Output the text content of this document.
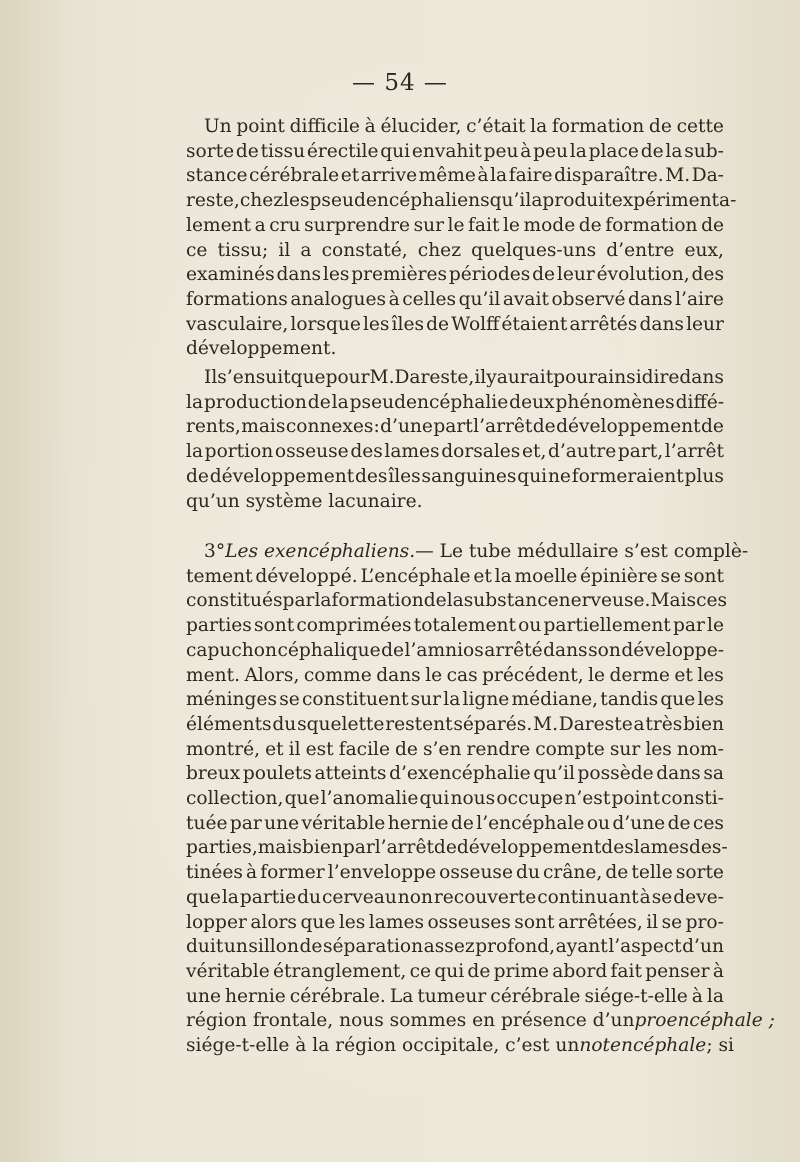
— 54 —
Un point difficile à élucider, c’était la formation de cette
sorte de tissu érectile qui envahit peu à peu la place de la sub-
stance cérébrale et arrive même à la faire disparaître. M. Da-
reste, chez les pseudencéphaliens qu’il a produit expérimenta-
lement a cru surprendre sur le fait le mode de formation de
ce tissu; il a constaté, chez quelques-uns d’entre eux,
examinés dans les premières périodes de leur évolution, des
formations analogues à celles qu’il avait observé dans l’aire
vasculaire, lorsque les îles de Wolff étaient arrêtés dans leur
développement.
Il s’ensuit que pour M. Dareste, il y aurait pour ainsi dire dans
la production de la pseudencéphalie deux phénomènes diffé-
rents, mais connexes: d’une part l’arrêt de développement de
la portion osseuse des lames dorsales et, d’autre part, l’arrêt
de développement des îles sanguines qui ne formeraient plus
qu’un système lacunaire.
3° Les exencéphaliens. — Le tube médullaire s’est complè-
tement développé. L’encéphale et la moelle épinière se sont
constitués par la formation de la substance nerveuse. Mais ces
parties sont comprimées totalement ou partiellement par le
capuchon céphalique de l’amnios arrêté dans son développe-
ment. Alors, comme dans le cas précédent, le derme et les
méninges se constituent sur la ligne médiane, tandis que les
éléments du squelette restent séparés. M. Dareste a très bien
montré, et il est facile de s’en rendre compte sur les nom-
breux poulets atteints d’exencéphalie qu’il possède dans sa
collection, que l’anomalie qui nous occupe n’est point consti-
tuée par une véritable hernie de l’encéphale ou d’une de ces
parties, mais bien par l’arrêt de développement des lames des-
tinées à former l’enveloppe osseuse du crâne, de telle sorte
que la partie du cerveau non recouverte continuant à se deve-
lopper alors que les lames osseuses sont arrêtées, il se pro-
duit un sillon de séparation assez profond, ayant l’aspect d’un
véritable étranglement, ce qui de prime abord fait penser à
une hernie cérébrale. La tumeur cérébrale siége-t-elle à la
région frontale, nous sommes en présence d’un proencéphale ;
siége-t-elle à la région occipitale, c’est un notencéphale; si
